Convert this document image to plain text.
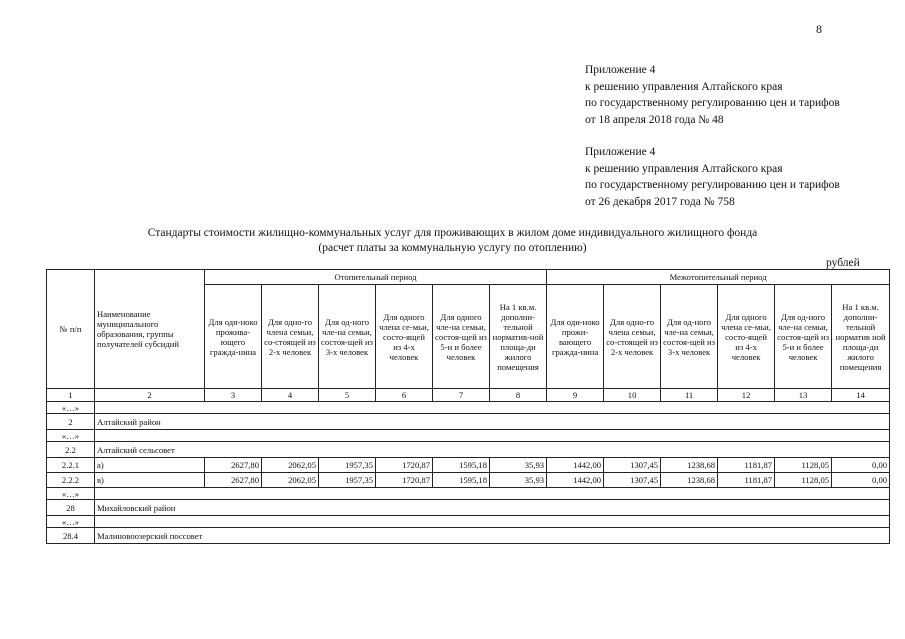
8
Приложение 4
к решению управления Алтайского края
по государственному регулированию цен и тарифов
от 18 апреля 2018 года № 48
Приложение 4
к решению управления Алтайского края
по государственному регулированию цен и тарифов
от 26 декабря 2017 года № 758
Стандарты стоимости жилищно-коммунальных услуг для проживающих в жилом доме индивидуального жилищного фонда
(расчет платы за коммунальную услугу по отоплению)
рублей
№ п/п	Наименование муниципального образования, группы получателей субсидий	Отопительный период						Межотопительный период					
		Для оди-ноко прожива-ющего гражда-нина	Для одно-го члена семьи, со-стоящей из 2-х человек	Для од-ного чле-на семьи, состоя-щей из 3-х человек	Для одного члена се-мьи, состо-ящей из 4-х человек	Для одного чле-на семьи, состоя-щей из 5-и и более человек	На 1 кв.м. дополни-тельной норматив-ной площа-ди жилого помещения	Для оди-ноко прожи-вающего гражда-нина	Для одно-го члена семьи, со-стоящей из 2-х человек	Для од-ного чле-на семьи, состоя-щей из 3-х человек	Для одного члена се-мьи, состо-ящей из 4-х человек	Для од-ного чле-на семьи, состоя-щей из 5-и и более человек	На 1 кв.м. дополни-тельной норматив ной площа-ди жилого помещения
1	2	3	4	5	6	7	8	9	10	11	12	13	14
«…»													
2	Алтайский район												
«…»													
2.2	Алтайский сельсовет												
2.2.1	а)	2627,80	2062,05	1957,35	1720,87	1595,18	35,93	1442,00	1307,45	1238,68	1181,87	1128,05	0,00
2.2.2	в)	2627,80	2062,05	1957,35	1720,87	1595,18	35,93	1442,00	1307,45	1238,68	1181,87	1128,05	0,00
«…»													
28	Михайловский район												
«…»													
28.4	Малиновоозерский поссовет												
